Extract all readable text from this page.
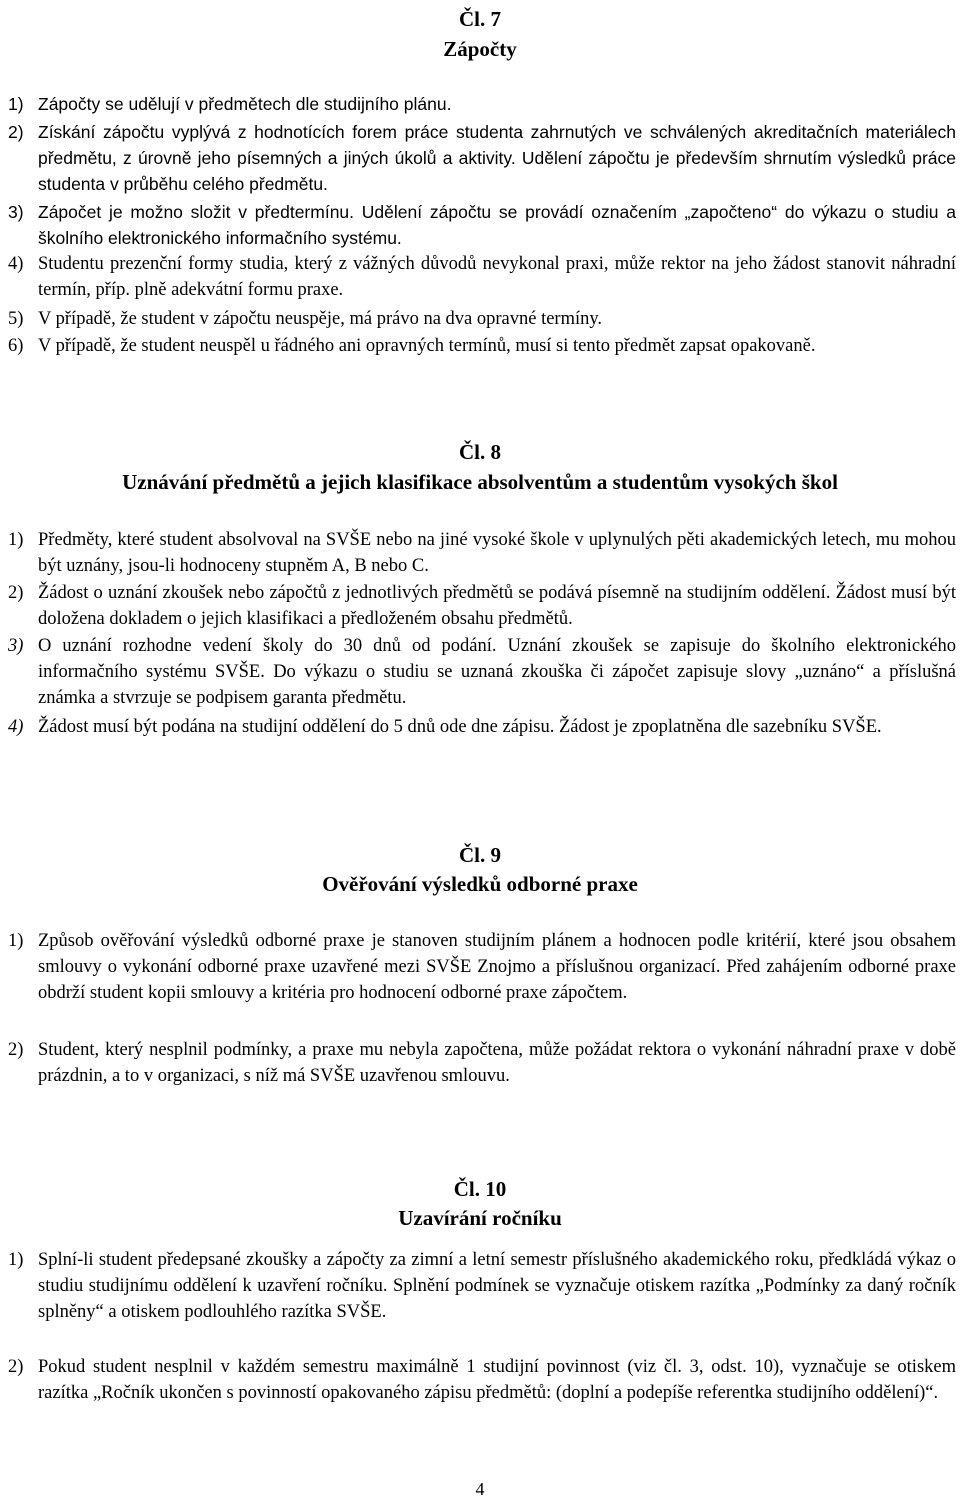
Čl. 7
Zápočty
1) Zápočty se udělují v předmětech dle studijního plánu.
2) Získání zápočtu vyplývá z hodnotících forem práce studenta zahrnutých ve schválených akreditačních materiálech předmětu, z úrovně jeho písemných a jiných úkolů a aktivity. Udělení zápočtu je především shrnutím výsledků práce studenta v průběhu celého předmětu.
3) Zápočet je možno složit v předtermínu. Udělení zápočtu se provádí označením „započteno“ do výkazu o studiu a školního elektronického informačního systému.
4) Studentu prezenční formy studia, který z vážných důvodů nevykonal praxi, může rektor na jeho žádost stanovit náhradní termín, příp. plně adekvátní formu praxe.
5) V případě, že student v zápočtu neuspěje, má právo na dva opravné termíny.
6) V případě, že student neuspěl u řádného ani opravných termínů, musí si tento předmět zapsat opakovaně.
Čl. 8
Uznávání předmětů a jejich klasifikace absolventům a studentům vysokých škol
1) Předměty, které student absolvoval na SVŠE nebo na jiné vysoké škole v uplynulých pěti akademických letech, mu mohou být uznány, jsou-li hodnoceny stupněm A, B nebo C.
2) Žádost o uznání zkoušek nebo zápočtů z jednotlivých předmětů se podává písemně na studijním oddělení. Žádost musí být doložena dokladem o jejich klasifikaci a předloženém obsahu předmětů.
3) O uznání rozhodne vedení školy do 30 dnů od podání. Uznání zkoušek se zapisuje do školního elektronického informačního systému SVŠE. Do výkazu o studiu se uznaná zkouška či zápočet zapisuje slovy „uznáno“ a příslušná známka a stvrzuje se podpisem garanta předmětu.
4) Žádost musí být podána na studijní oddělení do 5 dnů ode dne zápisu. Žádost je zpoplatněna dle sazebníku SVŠE.
Čl. 9
Ověřování výsledků odborné praxe
1) Způsob ověřování výsledků odborné praxe je stanoven studijním plánem a hodnocen podle kritérií, které jsou obsahem smlouvy o vykonání odborné praxe uzavřené mezi SVŠE Znojmo a příslušnou organizací. Před zahájením odborné praxe obdrží student kopii smlouvy a kritéria pro hodnocení odborné praxe zápočtem.
2) Student, který nesplnil podmínky, a praxe mu nebyla započtena, může požádat rektora o vykonání náhradní praxe v době prázdnin, a to v organizaci, s níž má SVŠE uzavřenou smlouvu.
Čl. 10
Uzavírání ročníku
1) Splní-li student předepsané zkoušky a zápočty za zimní a letní semestr příslušného akademického roku, předkládá výkaz o studiu studijnímu oddělení k uzavření ročníku. Splnění podmínek se vyznačuje otiskem razítka „Podmínky za daný ročník splněny“ a otiskem podlouhlého razítka SVŠE.
2) Pokud student nesplnil v každém semestru maximálně 1 studijní povinnost (viz čl. 3, odst. 10), vyznačuje se otiskem razítka „Ročník ukončen s povinností opakovaného zápisu předmětů: (doplní a podepíše referentka studijního oddělení)“.
4
